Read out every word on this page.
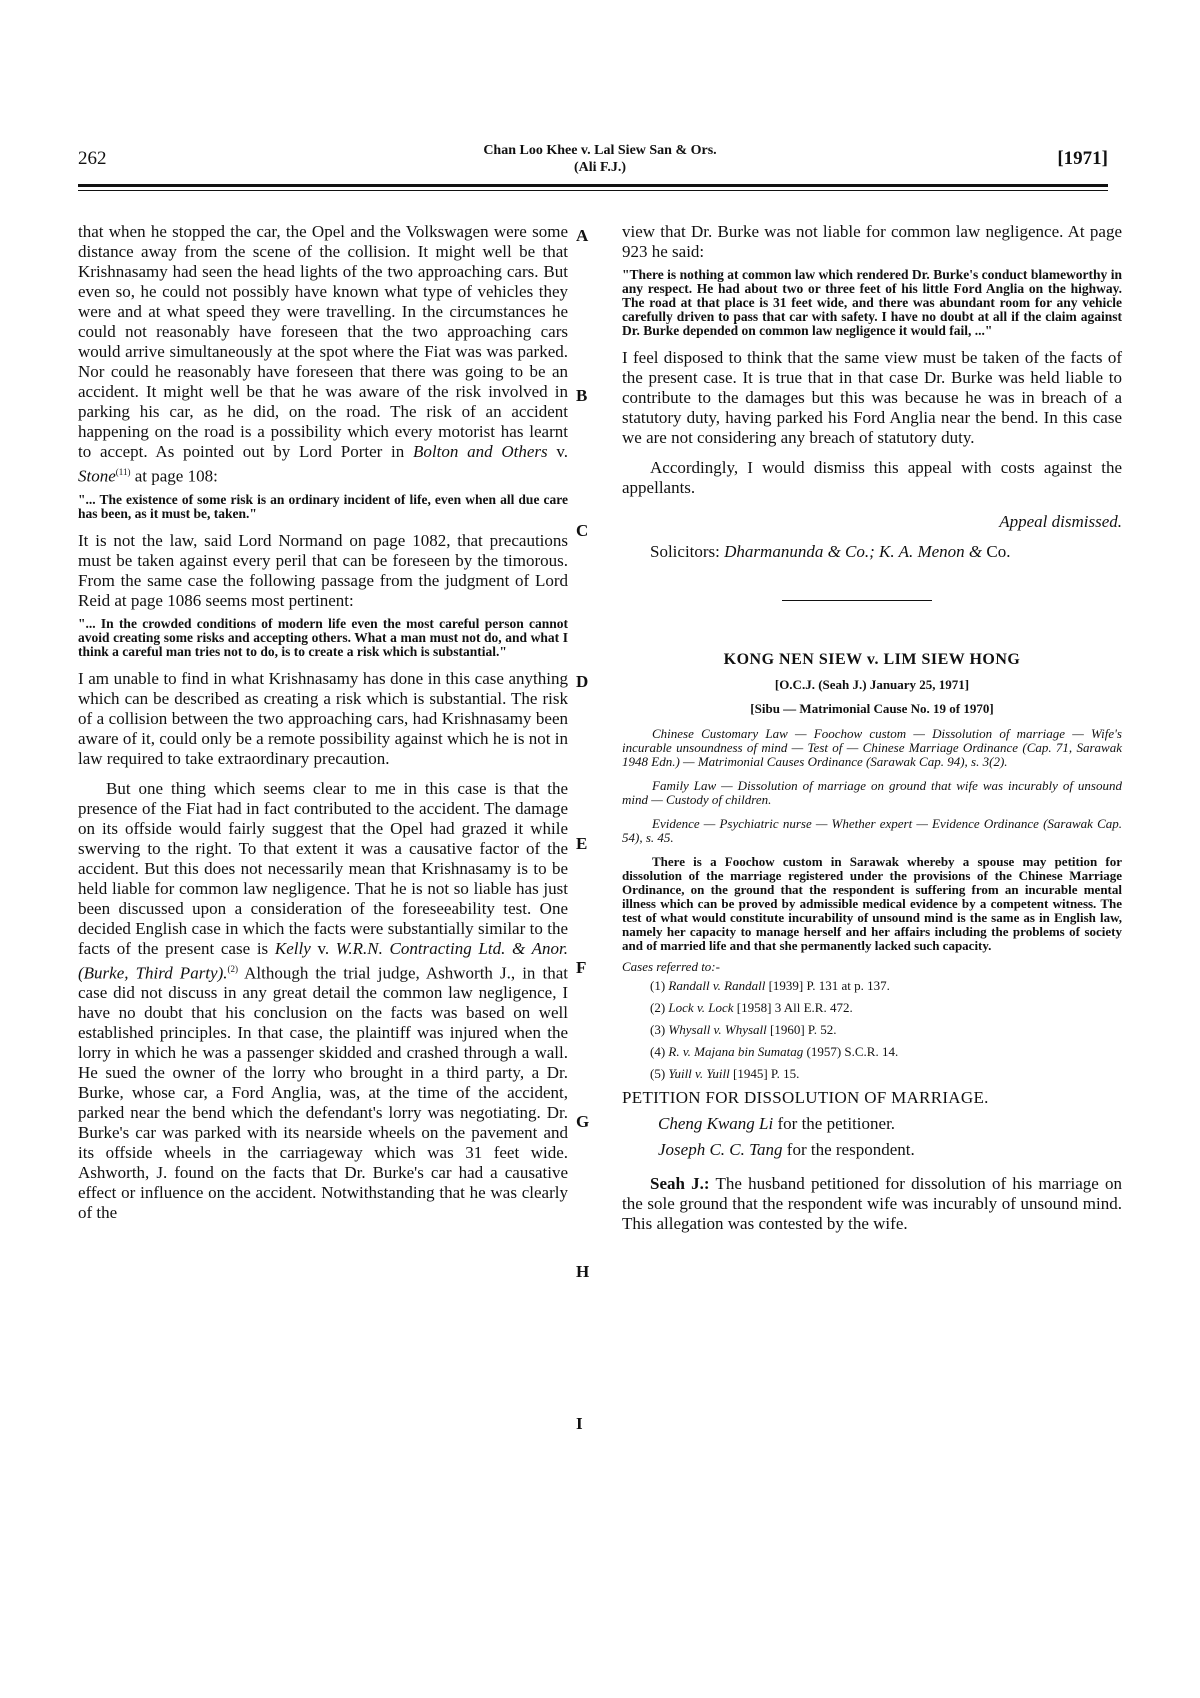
262	Chan Loo Khee v. Lal Siew San & Ors.
(Ali F.J.)	[1971]
A
B
C
D
E
F
G
H
I

that when he stopped the car, the Opel and the Volkswagen were some distance away from the scene of the collision. It might well be that Krishnasamy had seen the head lights of the two approaching cars. But even so, he could not possibly have known what type of vehicles they were and at what speed they were travelling. In the circumstances he could not reasonably have foreseen that the two approaching cars would arrive simultaneously at the spot where the Fiat was was parked. Nor could he reasonably have foreseen that there was going to be an accident. It might well be that he was aware of the risk involved in parking his car, as he did, on the road. The risk of an accident happening on the road is a possibility which every motorist has learnt to accept. As pointed out by Lord Porter in Bolton and Others v. Stone$^{(11)}$ at page 108:

"... The existence of some risk is an ordinary incident of life, even when all due care has been, as it must be, taken."

It is not the law, said Lord Normand on page 1082, that precautions must be taken against every peril that can be foreseen by the timorous. From the same case the following passage from the judgment of Lord Reid at page 1086 seems most pertinent:

"... In the crowded conditions of modern life even the most careful person cannot avoid creating some risks and accepting others. What a man must not do, and what I think a careful man tries not to do, is to create a risk which is substantial."

I am unable to find in what Krishnasamy has done in this case anything which can be described as creating a risk which is substantial. The risk of a collision between the two approaching cars, had Krishnasamy been aware of it, could only be a remote possibility against which he is not in law required to take extraordinary precaution.

But one thing which seems clear to me in this case is that the presence of the Fiat had in fact contributed to the accident. The damage on its offside would fairly suggest that the Opel had grazed it while swerving to the right. To that extent it was a causative factor of the accident. But this does not necessarily mean that Krishnasamy is to be held liable for common law negligence. That he is not so liable has just been discussed upon a consideration of the foreseeability test. One decided English case in which the facts were substantially similar to the facts of the present case is Kelly v. W.R.N. Contracting Ltd. & Anor. (Burke, Third Party).$^{(2)}$ Although the trial judge, Ashworth J., in that case did not discuss in any great detail the common law negligence, I have no doubt that his conclusion on the facts was based on well established principles. In that case, the plaintiff was injured when the lorry in which he was a passenger skidded and crashed through a wall. He sued the owner of the lorry who brought in a third party, a Dr. Burke, whose car, a Ford Anglia, was, at the time of the accident, parked near the bend which the defendant's lorry was negotiating. Dr. Burke's car was parked with its nearside wheels on the pavement and its offside wheels in the carriageway which was 31 feet wide. Ashworth, J. found on the facts that Dr. Burke's car had a causative effect or influence on the accident. Notwithstanding that he was clearly of the

view that Dr. Burke was not liable for common law negligence. At page 923 he said:

"There is nothing at common law which rendered Dr. Burke's conduct blameworthy in any respect. He had about two or three feet of his little Ford Anglia on the highway. The road at that place is 31 feet wide, and there was abundant room for any vehicle carefully driven to pass that car with safety. I have no doubt at all if the claim against Dr. Burke depended on common law negligence it would fail, ..."

I feel disposed to think that the same view must be taken of the facts of the present case. It is true that in that case Dr. Burke was held liable to contribute to the damages but this was because he was in breach of a statutory duty, having parked his Ford Anglia near the bend. In this case we are not considering any breach of statutory duty.

Accordingly, I would dismiss this appeal with costs against the appellants.

Appeal dismissed.

Solicitors: Dharmanunda & Co.; K. A. Menon & Co.

KONG NEN SIEW v. LIM SIEW HONG
[O.C.J. (Seah J.) January 25, 1971]
[Sibu — Matrimonial Cause No. 19 of 1970]

Chinese Customary Law — Foochow custom — Dissolution of marriage — Wife's incurable unsoundness of mind — Test of — Chinese Marriage Ordinance (Cap. 71, Sarawak 1948 Edn.) — Matrimonial Causes Ordinance (Sarawak Cap. 94), s. 3(2).

Family Law — Dissolution of marriage on ground that wife was incurably of unsound mind — Custody of children.

Evidence — Psychiatric nurse — Whether expert — Evidence Ordinance (Sarawak Cap. 54), s. 45.

There is a Foochow custom in Sarawak whereby a spouse may petition for dissolution of the marriage registered under the provisions of the Chinese Marriage Ordinance, on the ground that the respondent is suffering from an incurable mental illness which can be proved by admissible medical evidence by a competent witness. The test of what would constitute incurability of unsound mind is the same as in English law, namely her capacity to manage herself and her affairs including the problems of society and of married life and that she permanently lacked such capacity.

Cases referred to:-
(1) Randall v. Randall [1939] P. 131 at p. 137.
(2) Lock v. Lock [1958] 3 All E.R. 472.
(3) Whysall v. Whysall [1960] P. 52.
(4) R. v. Majana bin Sumatag (1957) S.C.R. 14.
(5) Yuill v. Yuill [1945] P. 15.
PETITION FOR DISSOLUTION OF MARRIAGE.
Cheng Kwang Li for the petitioner.
Joseph C. C. Tang for the respondent.

Seah J.: The husband petitioned for dissolution of his marriage on the sole ground that the respondent wife was incurably of unsound mind. This allegation was contested by the wife.
